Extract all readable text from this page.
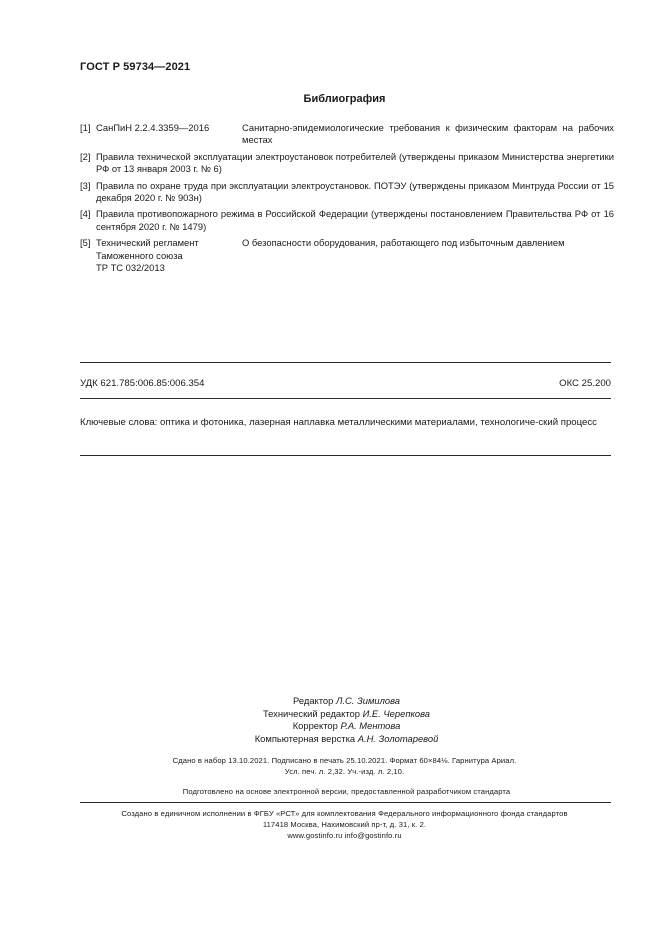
ГОСТ Р 59734—2021
Библиография
[1] СанПиН 2.2.4.3359—2016	Санитарно-эпидемиологические требования к физическим факторам на рабочих местах
[2] Правила технической эксплуатации электроустановок потребителей (утверждены приказом Министерства энергетики РФ от 13 января 2003 г. № 6)
[3] Правила по охране труда при эксплуатации электроустановок. ПОТЭУ (утверждены приказом Минтруда России от 15 декабря 2020 г. № 903н)
[4] Правила противопожарного режима в Российской Федерации (утверждены постановлением Правительства РФ от 16 сентября 2020 г. № 1479)
[5] Технический регламент
Таможенного союза
ТР ТС 032/2013
О безопасности оборудования, работающего под избыточным давлением
УДК 621.785:006.85:006.354	ОКС 25.200
Ключевые слова: оптика и фотоника, лазерная наплавка металлическими материалами, технологиче-ский процесс
Редактор Л.С. Зимилова
Технический редактор И.Е. Черепкова
Корректор Р.А. Ментова
Компьютерная верстка А.Н. Золотаревой
Сдано в набор 13.10.2021. Подписано в печать 25.10.2021. Формат 60×84⅛. Гарнитура Ариал.
Усл. печ. л. 2,32. Уч.-изд. л. 2,10.
Подготовлено на основе электронной версии, предоставленной разработчиком стандарта
Создано в единичном исполнении в ФГБУ «РСТ» для комплектования Федерального информационного фонда стандартов
117418 Москва, Нахимовский пр-т, д. 31, к. 2.
www.gostinfo.ru info@gostinfo.ru
